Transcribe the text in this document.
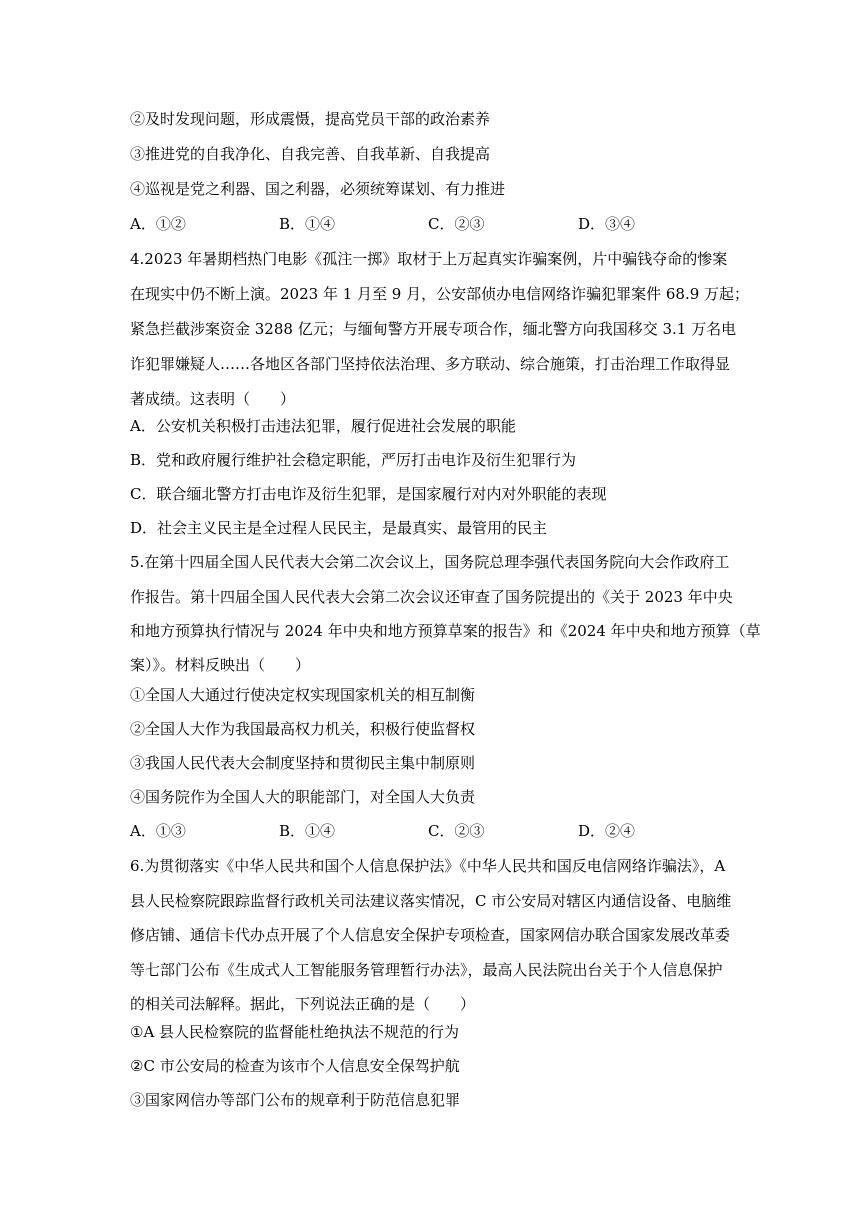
②及时发现问题，形成震慑，提高党员干部的政治素养
③推进党的自我净化、自我完善、自我革新、自我提高
④巡视是党之利器、国之利器，必须统筹谋划、有力推进
A．①②	B．①④	C．②③	D．③④
4.2023 年暑期档热门电影《孤注一掷》取材于上万起真实诈骗案例，片中骗钱夺命的惨案
在现实中仍不断上演。2023 年 1 月至 9 月，公安部侦办电信网络诈骗犯罪案件 68.9 万起；
紧急拦截涉案资金 3288 亿元；与缅甸警方开展专项合作，缅北警方向我国移交 3.1 万名电
诈犯罪嫌疑人……各地区各部门坚持依法治理、多方联动、综合施策，打击治理工作取得显
著成绩。这表明（　　）
A．公安机关积极打击违法犯罪，履行促进社会发展的职能
B．党和政府履行维护社会稳定职能，严厉打击电诈及衍生犯罪行为
C．联合缅北警方打击电诈及衍生犯罪，是国家履行对内对外职能的表现
D．社会主义民主是全过程人民民主，是最真实、最管用的民主
5.在第十四届全国人民代表大会第二次会议上，国务院总理李强代表国务院向大会作政府工
作报告。第十四届全国人民代表大会第二次会议还审查了国务院提出的《关于 2023 年中央
和地方预算执行情况与 2024 年中央和地方预算草案的报告》和《2024 年中央和地方预算（草
案）》。材料反映出（　　）
①全国人大通过行使决定权实现国家机关的相互制衡
②全国人大作为我国最高权力机关，积极行使监督权
③我国人民代表大会制度坚持和贯彻民主集中制原则
④国务院作为全国人大的职能部门，对全国人大负责
A．①③	B．①④	C．②③	D．②④
6.为贯彻落实《中华人民共和国个人信息保护法》《中华人民共和国反电信网络诈骗法》，A
县人民检察院跟踪监督行政机关司法建议落实情况，C 市公安局对辖区内通信设备、电脑维
修店铺、通信卡代办点开展了个人信息安全保护专项检查，国家网信办联合国家发展改革委
等七部门公布《生成式人工智能服务管理暂行办法》，最高人民法院出台关于个人信息保护
的相关司法解释。据此，下列说法正确的是（　　）
①A 县人民检察院的监督能杜绝执法不规范的行为
②C 市公安局的检查为该市个人信息安全保驾护航
③国家网信办等部门公布的规章利于防范信息犯罪
